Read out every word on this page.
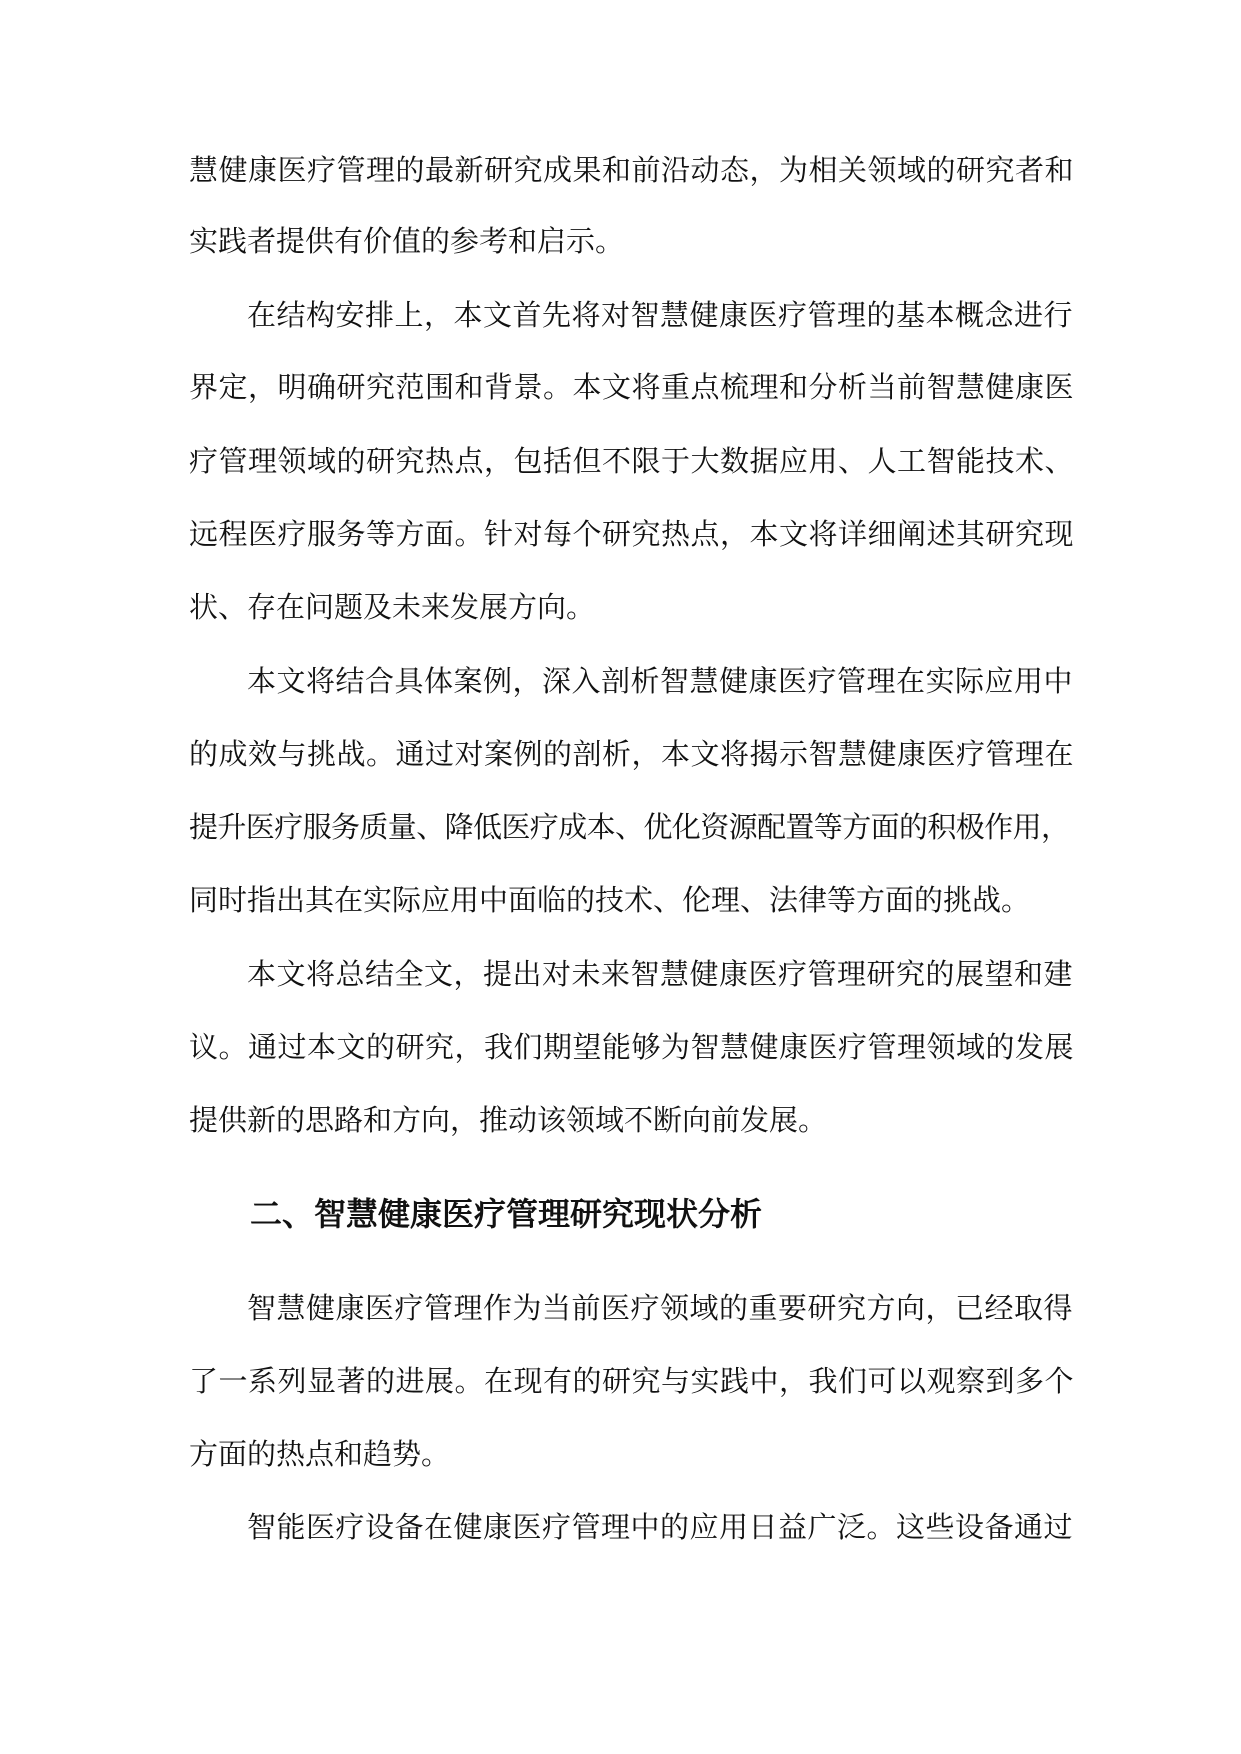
慧健康医疗管理的最新研究成果和前沿动态，为相关领域的研究者和
实践者提供有价值的参考和启示。
在结构安排上，本文首先将对智慧健康医疗管理的基本概念进行
界定，明确研究范围和背景。本文将重点梳理和分析当前智慧健康医
疗管理领域的研究热点，包括但不限于大数据应用、人工智能技术、
远程医疗服务等方面。针对每个研究热点，本文将详细阐述其研究现
状、存在问题及未来发展方向。
本文将结合具体案例，深入剖析智慧健康医疗管理在实际应用中
的成效与挑战。通过对案例的剖析，本文将揭示智慧健康医疗管理在
提升医疗服务质量、降低医疗成本、优化资源配置等方面的积极作用，
同时指出其在实际应用中面临的技术、伦理、法律等方面的挑战。
本文将总结全文，提出对未来智慧健康医疗管理研究的展望和建
议。通过本文的研究，我们期望能够为智慧健康医疗管理领域的发展
提供新的思路和方向，推动该领域不断向前发展。
二、智慧健康医疗管理研究现状分析
智慧健康医疗管理作为当前医疗领域的重要研究方向，已经取得
了一系列显著的进展。在现有的研究与实践中，我们可以观察到多个
方面的热点和趋势。
智能医疗设备在健康医疗管理中的应用日益广泛。这些设备通过
